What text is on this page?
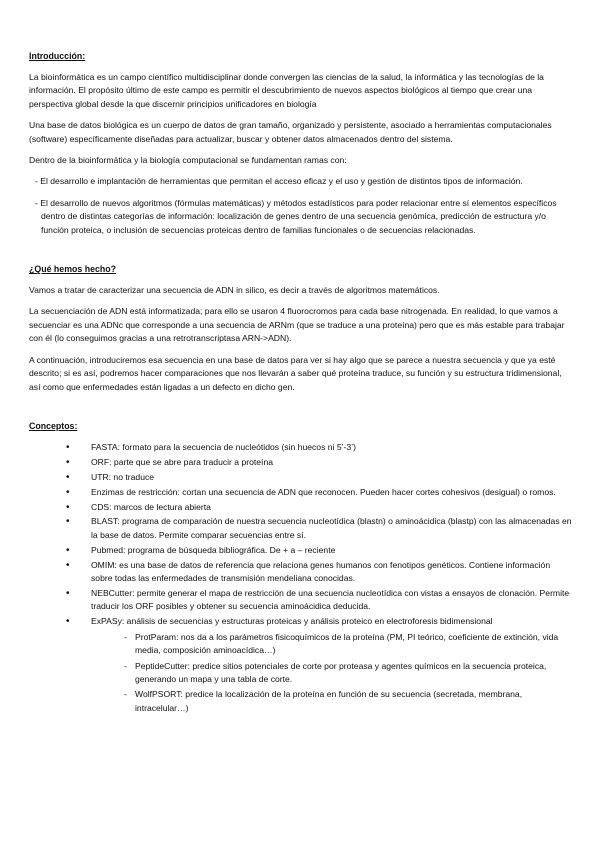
Introducción:

La bioinformática es un campo científico multidisciplinar donde convergen las ciencias de la salud, la informática y las tecnologías de la información. El propósito último de este campo es permitir el descubrimiento de nuevos aspectos biológicos al tiempo que crear una perspectiva global desde la que discernir principios unificadores en biología

Una base de datos biológica es un cuerpo de datos de gran tamaño, organizado y persistente, asociado a herramientas computacionales (software) específicamente diseñadas para actualizar, buscar y obtener datos almacenados dentro del sistema.

Dentro de la bioinformática y la biología computacional se fundamentan ramas con:

- El desarrollo e implantación de herramientas que permitan el acceso eficaz y el uso y gestión de distintos tipos de información.

- El desarrollo de nuevos algoritmos (fórmulas matemáticas) y métodos estadísticos para poder relacionar entre sí elementos específicos dentro de distintas categorías de información: localización de genes dentro de una secuencia genómica, predicción de estructura y/o función proteica, o inclusión de secuencias proteicas dentro de familias funcionales o de secuencias relacionadas.

¿Qué hemos hecho?

Vamos a tratar de caracterizar una secuencia de ADN in silico, es decir a través de algoritmos matemáticos.

La secuenciación de ADN está informatizada; para ello se usaron 4 fluorocromos para cada base nitrogenada. En realidad, lo que vamos a secuenciar es una ADNc que corresponde a una secuencia de ARNm (que se traduce a una proteína) pero que es más estable para trabajar con él (lo conseguimos gracias a una retrotranscriptasa ARN->ADN).

A continuación, introduciremos esa secuencia en una base de datos para ver si hay algo que se parece a nuestra secuencia y que ya esté descrito; si es así, podremos hacer comparaciones que nos llevarán a saber qué proteína traduce, su función y su estructura tridimensional, así como que enfermedades están ligadas a un defecto en dicho gen.

Conceptos:
• FASTA: formato para la secuencia de nucleótidos (sin huecos ni 5’-3’)
• ORF: parte que se abre para traducir a proteína
• UTR: no traduce
• Enzimas de restricción: cortan una secuencia de ADN que reconocen. Pueden hacer cortes cohesivos (desigual) o romos.
• CDS: marcos de lectura abierta
• BLAST: programa de comparación de nuestra secuencia nucleotídica (blastn) o aminoácidica (blastp) con las almacenadas en la base de datos. Permite comparar secuencias entre sí.
• Pubmed: programa de búsqueda bibliográfica. De + a – reciente
• OMIM: es una base de datos de referencia que relaciona genes humanos con fenotipos genéticos. Contiene información sobre todas las enfermedades de transmisión mendeliana conocidas.
• NEBCutter: permite generar el mapa de restricción de una secuencia nucleotídica con vistas a ensayos de clonación. Permite traducir los ORF posibles y obtener su secuencia aminoácidica deducida.
• ExPASy: análisis de secuencias y estructuras proteicas y análisis proteico en electroforesis bidimensional
- ProtParam: nos da a los parámetros fisicoquímicos de la proteína (PM, PI teórico, coeficiente de extinción, vida media, composición aminoacídica…)
- PeptideCutter: predice sitios potenciales de corte por proteasa y agentes químicos en la secuencia proteica, generando un mapa y una tabla de corte.
- WolfPSORT: predice la localización de la proteína en función de su secuencia (secretada, membrana, intracelular…)
